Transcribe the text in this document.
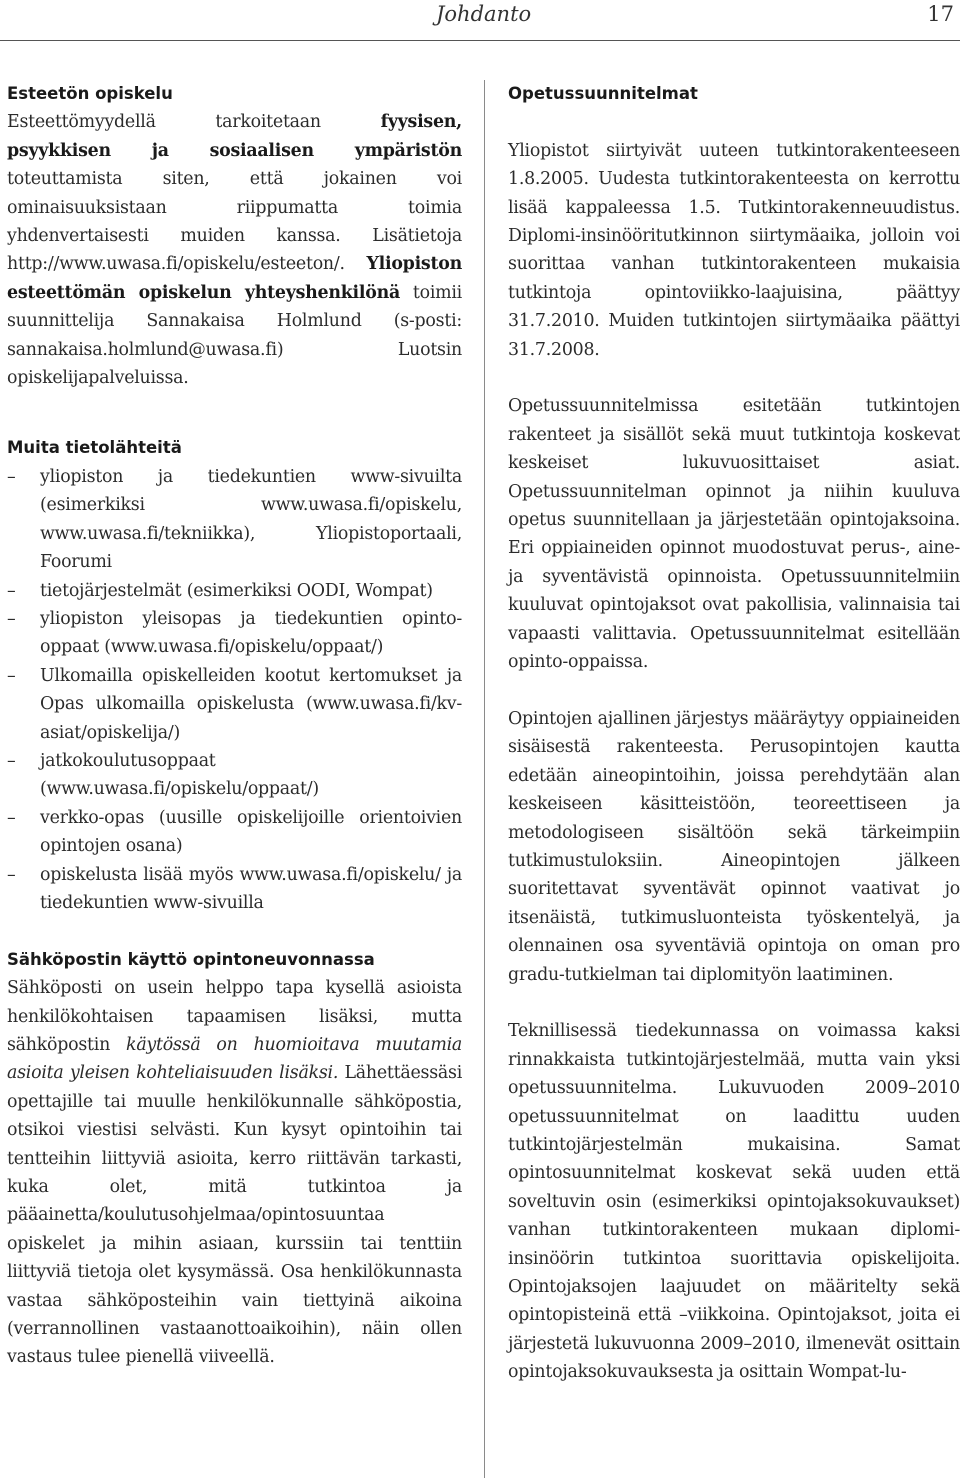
Johdanto	17
Esteetön opiskelu

Esteettömyydellä tarkoitetaan fyysisen, psyykkisen ja sosiaalisen ympäristön toteuttamista siten, että jokainen voi ominaisuuksistaan riippumatta toimia yhdenvertaisesti muiden kanssa. Lisätietoja http://www.uwasa.fi/opiskelu/esteeton/. Yliopiston esteettömän opiskelun yhteyshenkilönä toimii suunnittelija Sannakaisa Holmlund (s-posti: sannakaisa.holmlund@uwasa.fi) Luotsin opiskelijapalveluissa.

Muita tietolähteitä
– yliopiston ja tiedekuntien www-sivuilta (esimerkiksi www.uwasa.fi/opiskelu, www.uwasa.fi/tekniikka), Yliopistoportaali, Foorumi
– tietojärjestelmät (esimerkiksi OODI, Wompat)
– yliopiston yleisopas ja tiedekuntien opinto-oppaat (www.uwasa.fi/opiskelu/oppaat/)
– Ulkomailla opiskelleiden kootut kertomukset ja Opas ulkomailla opiskelusta (www.uwasa.fi/kv-asiat/opiskelija/)
– jatkokoulutusoppaat (www.uwasa.fi/opiskelu/oppaat/)
– verkko-opas (uusille opiskelijoille orientoivien opintojen osana)
– opiskelusta lisää myös www.uwasa.fi/opiskelu/ ja tiedekuntien www-sivuilla
Sähköpostin käyttö opintoneuvonnassa

Sähköposti on usein helppo tapa kysellä asioista henkilökohtaisen tapaamisen lisäksi, mutta sähköpostin käytössä on huomioitava muutamia asioita yleisen kohteliaisuuden lisäksi. Lähettäessäsi opettajille tai muulle henkilökunnalle sähköpostia, otsikoi viestisi selvästi. Kun kysyt opintoihin tai tentteihin liittyviä asioita, kerro riittävän tarkasti, kuka olet, mitä tutkintoa ja pääainetta/koulutusohjelmaa/opintosuuntaa opiskelet ja mihin asiaan, kurssiin tai tenttiin liittyviä tietoja olet kysymässä. Osa henkilökunnasta vastaa sähköposteihin vain tiettyinä aikoina (verrannollinen vastaanottoaikoihin), näin ollen vastaus tulee pienellä viiveellä.

Opetussuunnitelmat

Yliopistot siirtyivät uuteen tutkintorakenteeseen 1.8.2005. Uudesta tutkintorakenteesta on kerrottu lisää kappaleessa 1.5. Tutkintorakenneuudistus. Diplomi-insinööritutkinnon siirtymäaika, jolloin voi suorittaa vanhan tutkintorakenteen mukaisia tutkintoja opintoviikko-laajuisina, päättyy 31.7.2010. Muiden tutkintojen siirtymäaika päättyi 31.7.2008.

Opetussuunnitelmissa esitetään tutkintojen rakenteet ja sisällöt sekä muut tutkintoja koskevat keskeiset lukuvuosittaiset asiat. Opetussuunnitelman opinnot ja niihin kuuluva opetus suunnitellaan ja järjestetään opintojaksoina. Eri oppiaineiden opinnot muodostuvat perus-, aine- ja syventävistä opinnoista. Opetussuunnitelmiin kuuluvat opintojaksot ovat pakollisia, valinnaisia tai vapaasti valittavia. Opetussuunnitelmat esitellään opinto-oppaissa.

Opintojen ajallinen järjestys määräytyy oppiaineiden sisäisestä rakenteesta. Perusopintojen kautta edetään aineopintoihin, joissa perehdytään alan keskeiseen käsitteistöön, teoreettiseen ja metodologiseen sisältöön sekä tärkeimpiin tutkimustuloksiin. Aineopintojen jälkeen suoritettavat syventävät opinnot vaativat jo itsenäistä, tutkimusluonteista työskentelyä, ja olennainen osa syventäviä opintoja on oman pro gradu-tutkielman tai diplomityön laatiminen.

Teknillisessä tiedekunnassa on voimassa kaksi rinnakkaista tutkintojärjestelmää, mutta vain yksi opetussuunnitelma. Lukuvuoden 2009–2010 opetussuunnitelmat on laadittu uuden tutkintojärjestelmän mukaisina. Samat opintosuunnitelmat koskevat sekä uuden että soveltuvin osin (esimerkiksi opintojaksokuvaukset) vanhan tutkintorakenteen mukaan diplomi-insinöörin tutkintoa suorittavia opiskelijoita. Opintojaksojen laajuudet on määritelty sekä opintopisteinä että –viikkoina. Opintojaksot, joita ei järjestetä lukuvuonna 2009–2010, ilmenevät osittain opintojaksokuvauksesta ja osittain Wompat-lu-
